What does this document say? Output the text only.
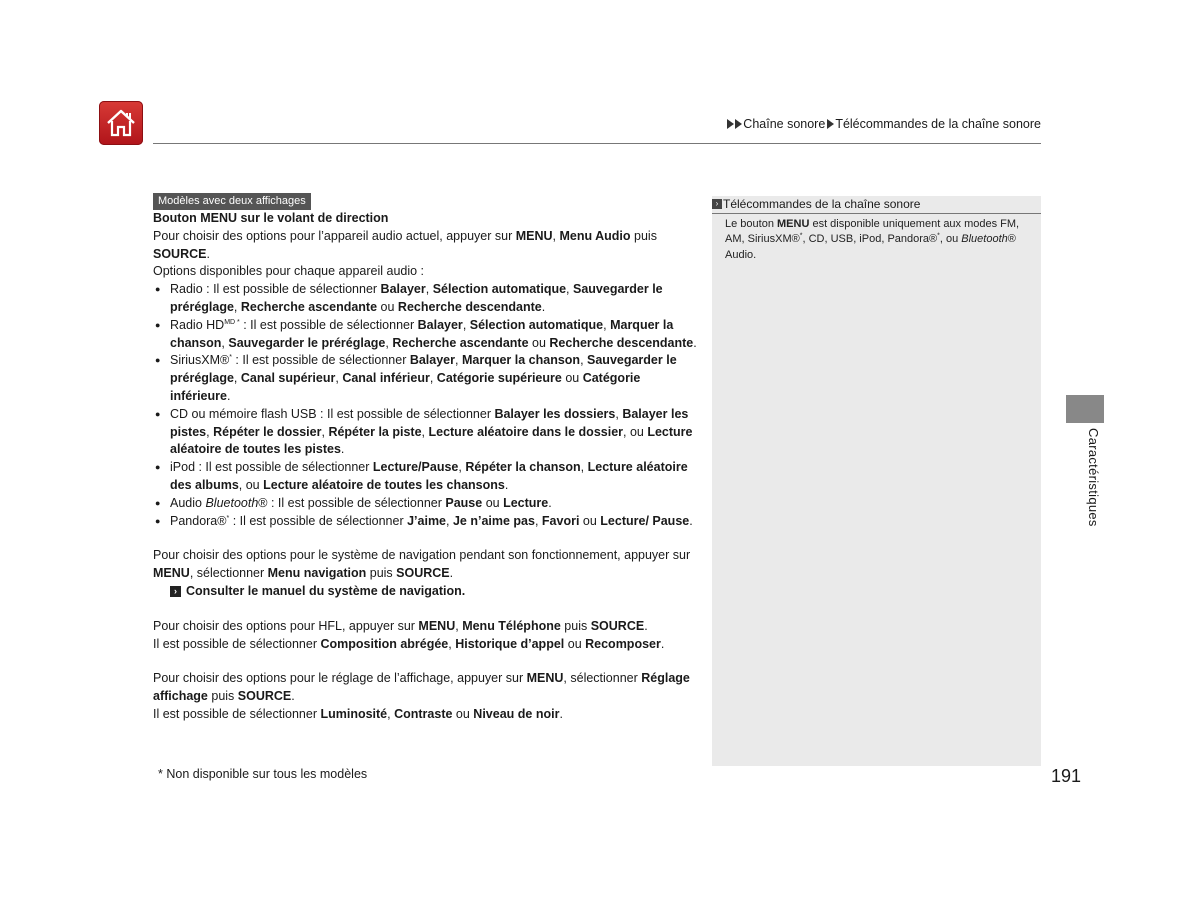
Chaîne sonore Télécommandes de la chaîne sonore
Modèles avec deux affichages

Bouton MENU sur le volant de direction

Pour choisir des options pour l’appareil audio actuel, appuyer sur MENU, Menu Audio puis SOURCE.

Options disponibles pour chaque appareil audio :

● Radio : Il est possible de sélectionner Balayer, Sélection automatique, Sauvegarder le préréglage, Recherche ascendante ou Recherche descendante.
● Radio $HD^{MD *}$ : Il est possible de sélectionner Balayer, Sélection automatique, Marquer la chanson, Sauvegarder le préréglage, Recherche ascendante ou Recherche descendante.
● SiriusXM®* : Il est possible de sélectionner Balayer, Marquer la chanson, Sauvegarder le préréglage, Canal supérieur, Canal inférieur, Catégorie supérieure ou Catégorie inférieure.
● CD ou mémoire flash USB : Il est possible de sélectionner Balayer les dossiers, Balayer les pistes, Répéter le dossier, Répéter la piste, Lecture aléatoire dans le dossier, ou Lecture aléatoire de toutes les pistes.
● iPod : Il est possible de sélectionner Lecture/Pause, Répéter la chanson, Lecture aléatoire des albums, ou Lecture aléatoire de toutes les chansons.
● Audio Bluetooth® : Il est possible de sélectionner Pause ou Lecture.
● Pandora®* : Il est possible de sélectionner J’aime, Je n’aime pas, Favori ou Lecture/ Pause.

Pour choisir des options pour le système de navigation pendant son fonctionnement, appuyer sur MENU, sélectionner Menu navigation puis SOURCE.

› Consulter le manuel du système de navigation.

Pour choisir des options pour HFL, appuyer sur MENU, Menu Téléphone puis SOURCE.
Il est possible de sélectionner Composition abrégée, Historique d’appel ou Recomposer.

Pour choisir des options pour le réglage de l’affichage, appuyer sur MENU, sélectionner Réglage affichage puis SOURCE.
Il est possible de sélectionner Luminosité, Contraste ou Niveau de noir.

› Télécommandes de la chaîne sonore
Le bouton MENU est disponible uniquement aux modes FM, AM, SiriusXM®*, CD, USB, iPod, Pandora®*, ou Bluetooth® Audio.
Caractéristiques
* Non disponible sur tous les modèles	191
